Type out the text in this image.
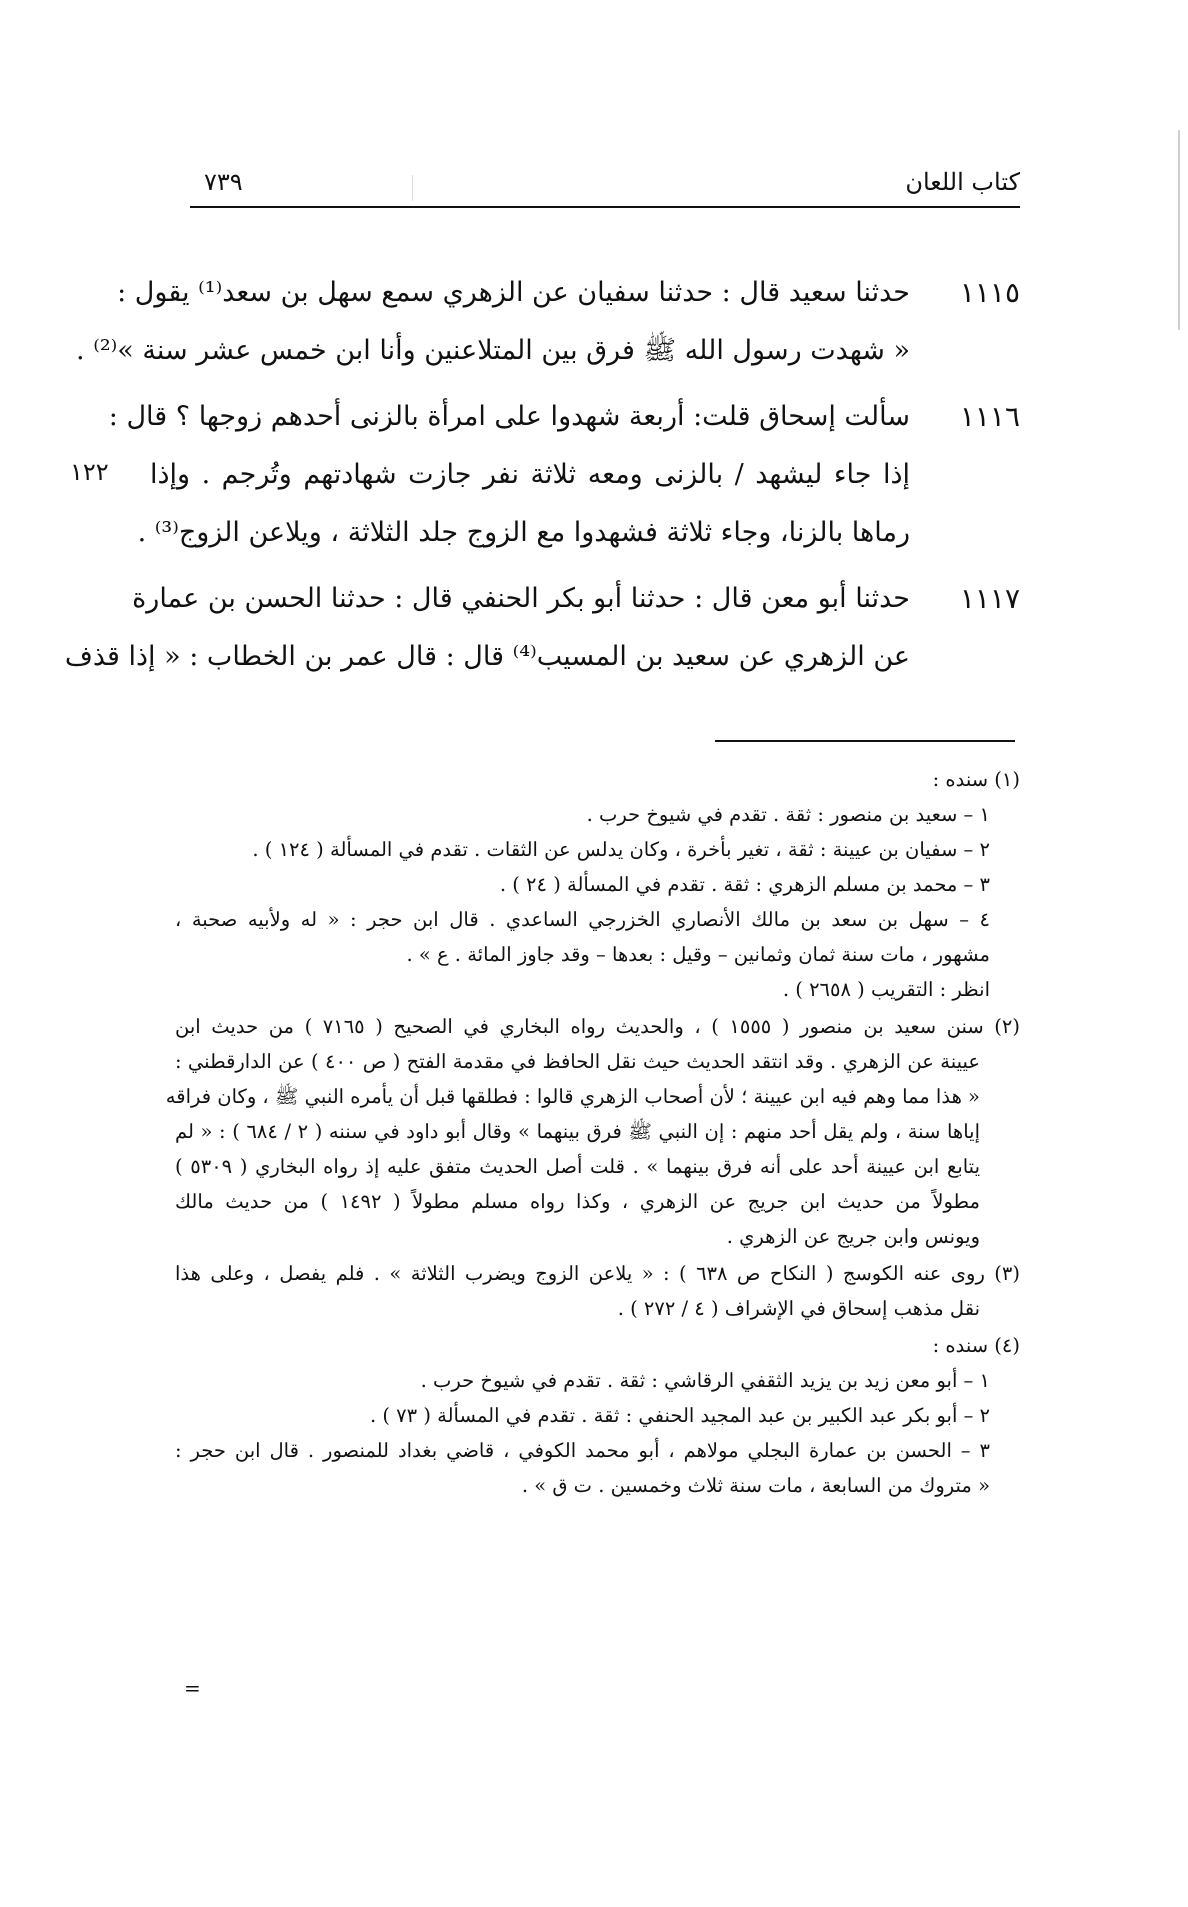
كتاب اللعان
٧٣٩
١٢٢
١١١٥
حدثنا سعيد قال : حدثنا سفيان عن الزهري سمع سهل بن سعد⁽¹⁾ يقول :
« شهدت رسول الله ﷺ فرق بين المتلاعنين وأنا ابن خمس عشر سنة »⁽²⁾ .
١١١٦
سألت إسحاق قلت: أربعة شهدوا على امرأة بالزنى أحدهم زوجها ؟ قال :
إذا جاء ليشهد / بالزنى ومعه ثلاثة نفر جازت شهادتهم وتُرجم . وإذا
رماها بالزنا، وجاء ثلاثة فشهدوا مع الزوج جلد الثلاثة ، ويلاعن الزوج⁽³⁾ .
١١١٧
حدثنا أبو معن قال : حدثنا أبو بكر الحنفي قال : حدثنا الحسن بن عمارة
عن الزهري عن سعيد بن المسيب⁽⁴⁾ قال : قال عمر بن الخطاب : « إذا قذف
(١) سنده :
١ – سعيد بن منصور : ثقة . تقدم في شيوخ حرب .
٢ – سفيان بن عيينة : ثقة ، تغير بأخرة ، وكان يدلس عن الثقات . تقدم في المسألة ( ١٢٤ ) .
٣ – محمد بن مسلم الزهري : ثقة . تقدم في المسألة ( ٢٤ ) .
٤ – سهل بن سعد بن مالك الأنصاري الخزرجي الساعدي . قال ابن حجر : « له ولأبيه صحبة ،
مشهور ، مات سنة ثمان وثمانين – وقيل : بعدها – وقد جاوز المائة . ع » .
انظر : التقريب ( ٢٦٥٨ ) .
(٢) سنن سعيد بن منصور ( ١٥٥٥ ) ، والحديث رواه البخاري في الصحيح ( ٧١٦٥ ) من حديث ابن
عيينة عن الزهري . وقد انتقد الحديث حيث نقل الحافظ في مقدمة الفتح ( ص ٤٠٠ ) عن الدارقطني :
« هذا مما وهم فيه ابن عيينة ؛ لأن أصحاب الزهري قالوا : فطلقها قبل أن يأمره النبي ﷺ ، وكان فراقه
إياها سنة ، ولم يقل أحد منهم : إن النبي ﷺ فرق بينهما » وقال أبو داود في سننه ( ٢ / ٦٨٤ ) : « لم
يتابع ابن عيينة أحد على أنه فرق بينهما » . قلت أصل الحديث متفق عليه إذ رواه البخاري ( ٥٣٠٩ )
مطولاً من حديث ابن جريج عن الزهري ، وكذا رواه مسلم مطولاً ( ١٤٩٢ ) من حديث مالك
ويونس وابن جريج عن الزهري .
(٣) روى عنه الكوسج ( النكاح ص ٦٣٨ ) : « يلاعن الزوج ويضرب الثلاثة » . فلم يفصل ، وعلى هذا
نقل مذهب إسحاق في الإشراف ( ٤ / ٢٧٢ ) .
(٤) سنده :
١ – أبو معن زيد بن يزيد الثقفي الرقاشي : ثقة . تقدم في شيوخ حرب .
٢ – أبو بكر عبد الكبير بن عبد المجيد الحنفي : ثقة . تقدم في المسألة ( ٧٣ ) .
٣ – الحسن بن عمارة البجلي مولاهم ، أبو محمد الكوفي ، قاضي بغداد للمنصور . قال ابن حجر :
« متروك من السابعة ، مات سنة ثلاث وخمسين . ت ق » .
=
